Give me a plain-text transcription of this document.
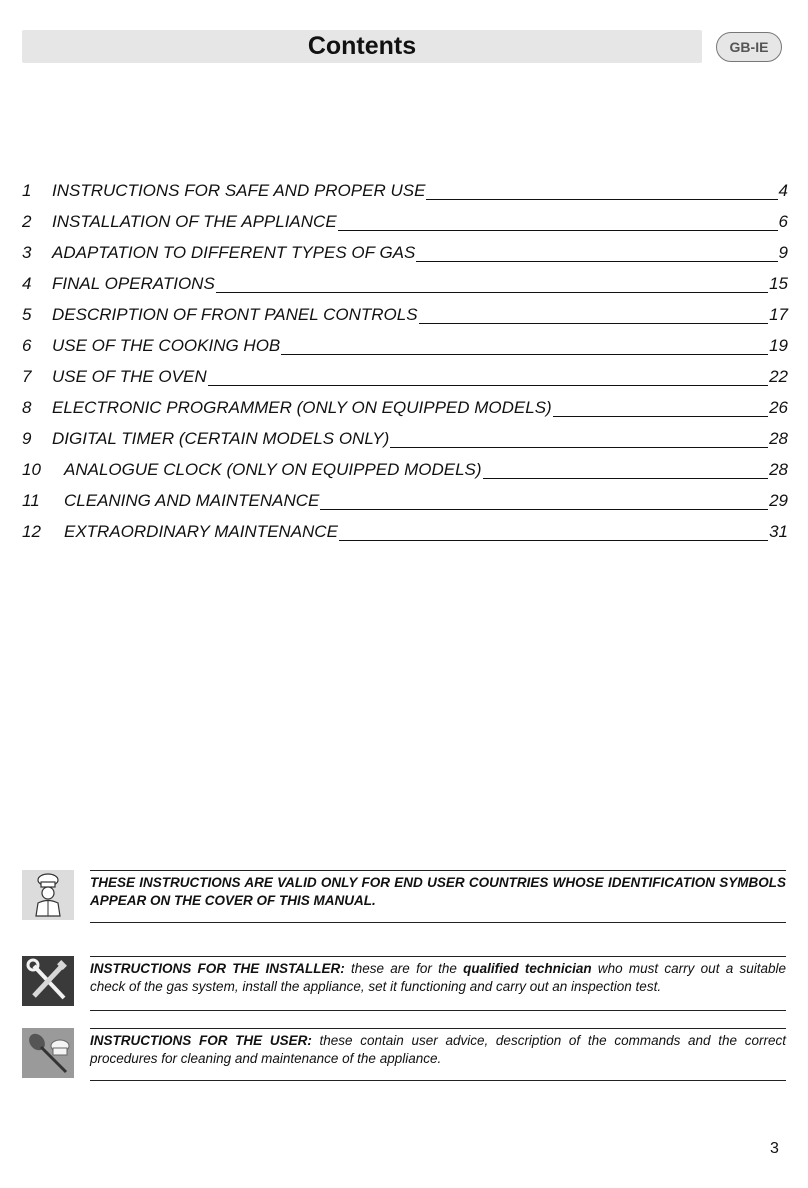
Contents	GB-IE
1	INSTRUCTIONS FOR SAFE AND PROPER USE	4
2	INSTALLATION OF THE APPLIANCE	6
3	ADAPTATION TO DIFFERENT TYPES OF GAS	9
4	FINAL OPERATIONS	15
5	DESCRIPTION OF FRONT PANEL CONTROLS	17
6	USE OF THE COOKING HOB	19
7	USE OF THE OVEN	22
8	ELECTRONIC PROGRAMMER (ONLY ON EQUIPPED MODELS)	26
9	DIGITAL TIMER (CERTAIN MODELS ONLY)	28
10	ANALOGUE CLOCK (ONLY ON EQUIPPED MODELS)	28
11	CLEANING AND MAINTENANCE	29
12	EXTRAORDINARY MAINTENANCE	31
THESE INSTRUCTIONS ARE VALID ONLY FOR END USER COUNTRIES WHOSE IDENTIFICATION SYMBOLS APPEAR ON THE COVER OF THIS MANUAL.
INSTRUCTIONS FOR THE INSTALLER: these are for the qualified technician who must carry out a suitable check of the gas system, install the appliance, set it functioning and carry out an inspection test.
INSTRUCTIONS FOR THE USER: these contain user advice, description of the commands and the correct procedures for cleaning and maintenance of the appliance.
3
